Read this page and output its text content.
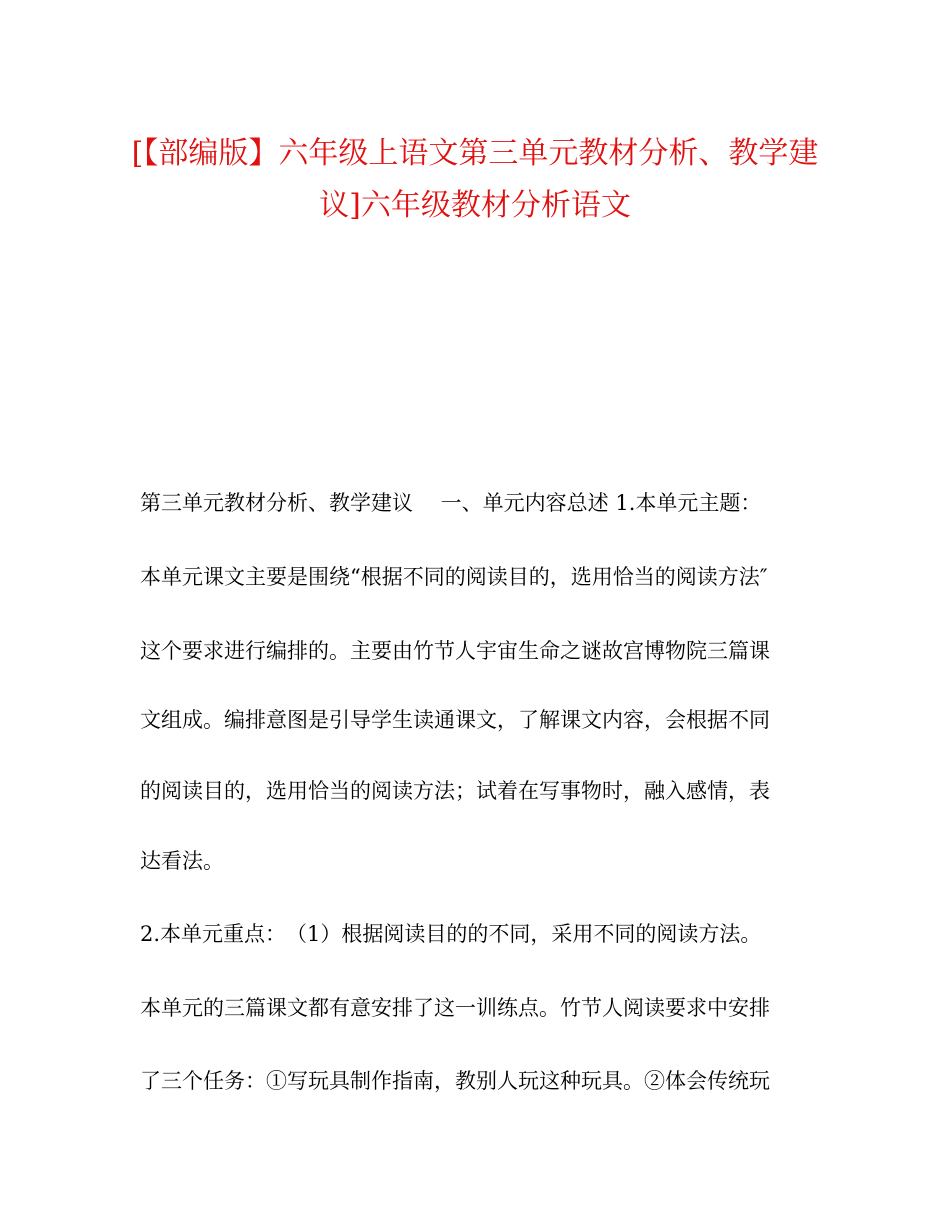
[【部编版】六年级上语文第三单元教材分析、教学建
议]六年级教材分析语文
第三单元教材分析、教学建议　 一、单元内容总述 1.本单元主题：
本单元课文主要是围绕“根据不同的阅读目的，选用恰当的阅读方法″
这个要求进行编排的。主要由竹节人宇宙生命之谜故宫博物院三篇课
文组成。编排意图是引导学生读通课文，了解课文内容，会根据不同
的阅读目的，选用恰当的阅读方法；试着在写事物时，融入感情，表
达看法。
2.本单元重点：　（1）根据阅读目的的不同，采用不同的阅读方法。
本单元的三篇课文都有意安排了这一训练点。竹节人阅读要求中安排
了三个任务：①写玩具制作指南，教别人玩这种玩具。②体会传统玩
